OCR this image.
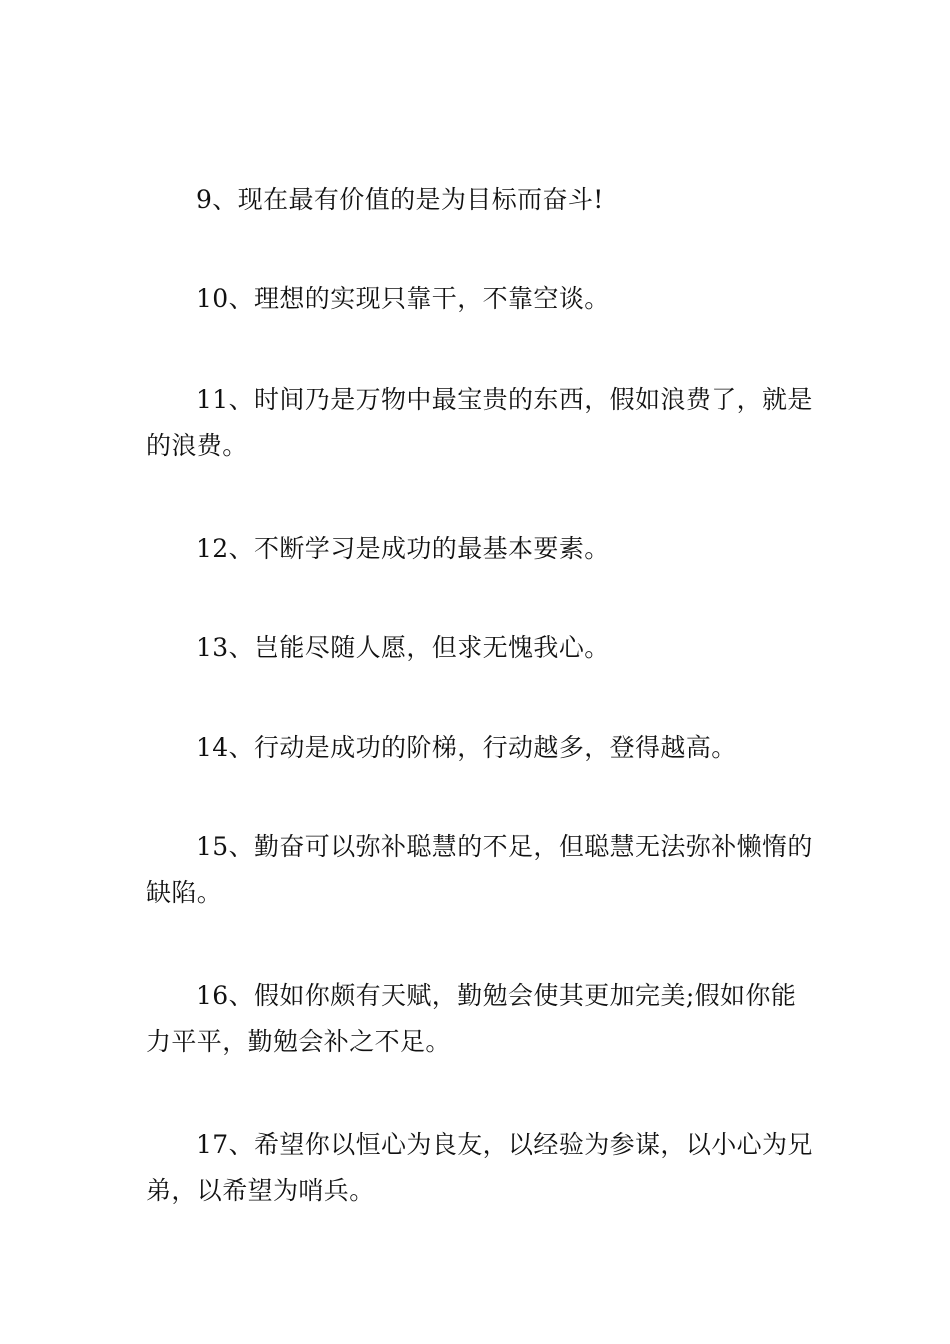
9、现在最有价值的是为目标而奋斗!

10、理想的实现只靠干，不靠空谈。

11、时间乃是万物中最宝贵的东西，假如浪费了，就是的浪费。

12、不断学习是成功的最基本要素。

13、岂能尽随人愿，但求无愧我心。

14、行动是成功的阶梯，行动越多，登得越高。

15、勤奋可以弥补聪慧的不足，但聪慧无法弥补懒惰的缺陷。

16、假如你颇有天赋，勤勉会使其更加完美;假如你能力平平，勤勉会补之不足。

17、希望你以恒心为良友，以经验为参谋，以小心为兄弟，以希望为哨兵。
